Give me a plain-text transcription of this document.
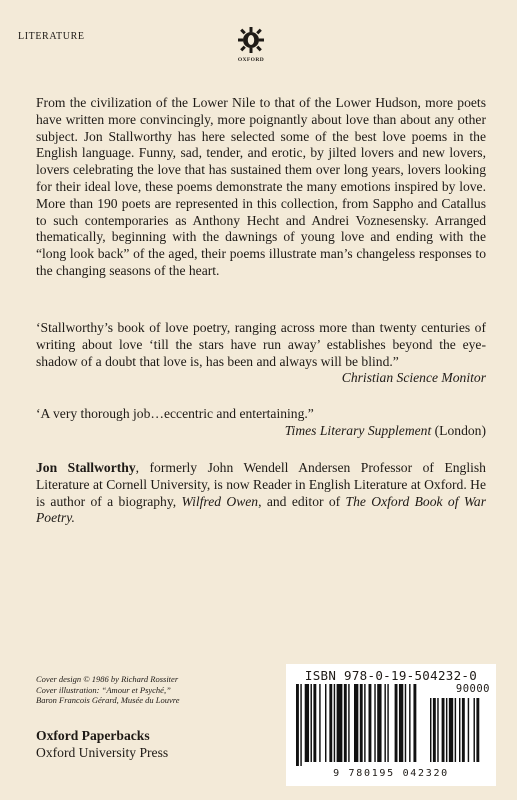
LITERATURE
OXFORD
From the civilization of the Lower Nile to that of the Lower Hudson, more poets have written more convincingly, more poignantly about love than about any other subject. Jon Stallworthy has here selected some of the best love poems in the English language. Funny, sad, tender, and erotic, by jilted lovers and new lovers, lovers celebrating the love that has sustained them over long years, lovers looking for their ideal love, these poems demonstrate the many emotions inspired by love. More than 190 poets are represented in this collection, from Sappho and Catallus to such contemporaries as Anthony Hecht and Andrei Voznesensky. Arranged thematically, beginning with the dawnings of young love and ending with the “long look back” of the aged, their poems illustrate man’s changeless responses to the changing seasons of the heart.
‘Stallworthy’s book of love poetry, ranging across more than twenty centuries of writing about love ‘till the stars have run away’ establishes beyond the eye-shadow of a doubt that love is, has been and always will be blind.”
Christian Science Monitor
‘A very thorough job…eccentric and entertaining.”
Times Literary Supplement (London)
Jon Stallworthy, formerly John Wendell Andersen Professor of English Literature at Cornell University, is now Reader in English Literature at Oxford. He is author of a biography, Wilfred Owen, and editor of The Oxford Book of War Poetry.
Cover design © 1986 by Richard Rossiter
Cover illustration: “Amour et Psyché,”
Baron Francois Gérard, Musée du Louvre
Oxford Paperbacks
Oxford University Press
ISBN 978-0-19-504232-0
90000
9 780195 042320
